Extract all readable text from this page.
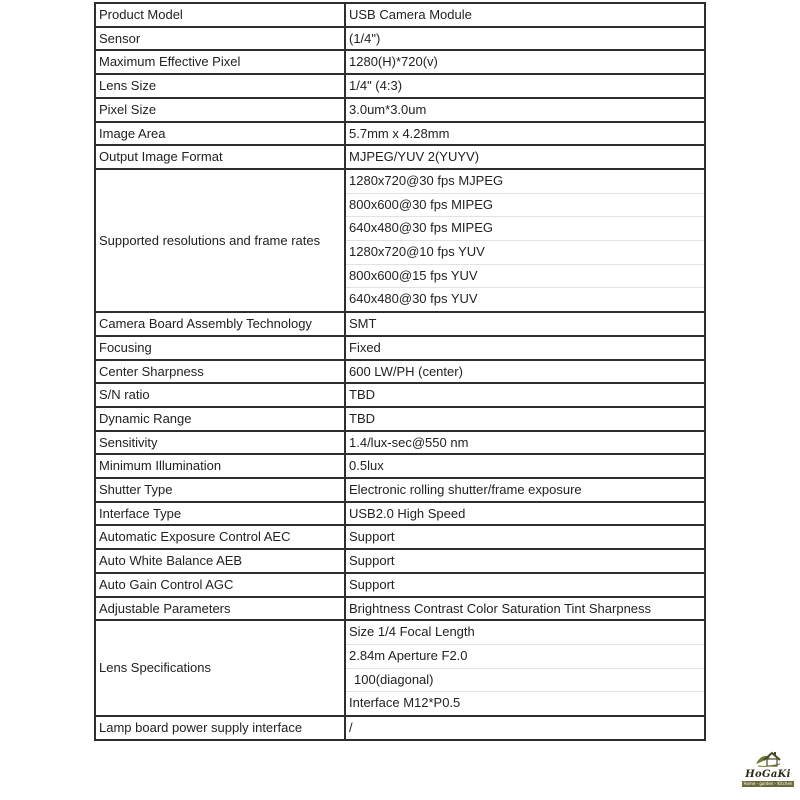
Product Model	USB Camera Module
Sensor	(1/4")
Maximum Effective Pixel	1280(H)*720(v)
Lens Size	1/4" (4:3)
Pixel Size	3.0um*3.0um
Image Area	5.7mm x 4.28mm
Output Image Format	MJPEG/YUV 2(YUYV)
Supported resolutions and frame rates	1280x720@30 fps MJPEG
	800x600@30 fps MIPEG
	640x480@30 fps MIPEG
	1280x720@10 fps YUV
	800x600@15 fps YUV
	640x480@30 fps YUV
Camera Board Assembly Technology	SMT
Focusing	Fixed
Center Sharpness	600 LW/PH (center)
S/N ratio	TBD
Dynamic Range	TBD
Sensitivity	1.4/lux-sec@550 nm
Minimum Illumination	0.5lux
Shutter Type	Electronic rolling shutter/frame exposure
Interface Type	USB2.0 High Speed
Automatic Exposure Control AEC	Support
Auto White Balance AEB	Support
Auto Gain Control AGC	Support
Adjustable Parameters	Brightness Contrast Color Saturation Tint Sharpness
Lens Specifications	Size 1/4 Focal Length
	2.84m Aperture F2.0
	100(diagonal)
	Interface M12*P0.5
Lamp board power supply interface	/
HoGaKi
Home - garden - Kitchen
